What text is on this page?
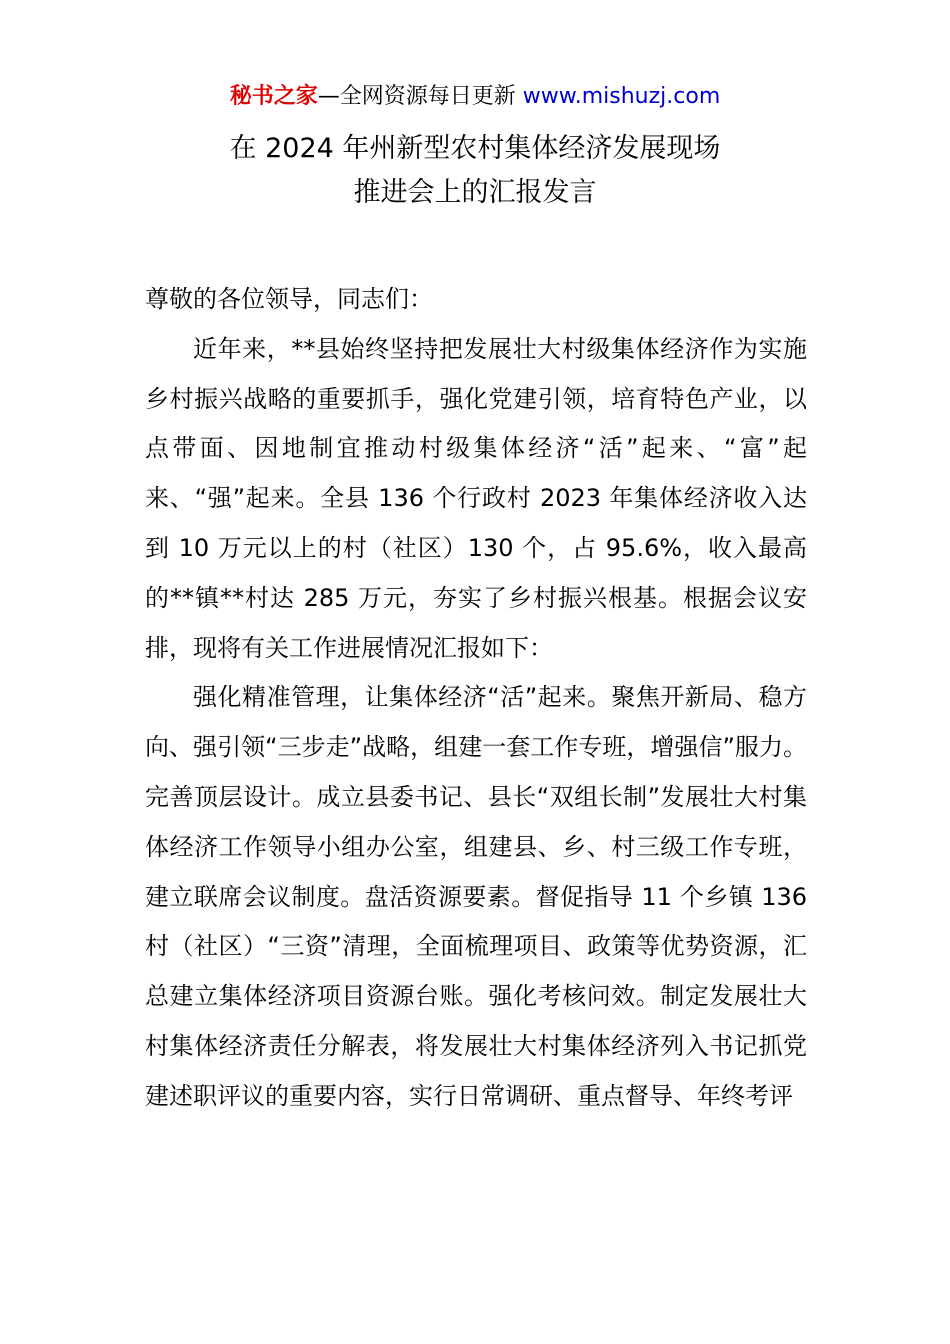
秘书之家—全网资源每日更新 www.mishuzj.com
在 2024 年州新型农村集体经济发展现场
推进会上的汇报发言

尊敬的各位领导，同志们：

近年来，**县始终坚持把发展壮大村级集体经济作为实施乡村振兴战略的重要抓手，强化党建引领，培育特色产业，以点带面、因地制宜推动村级集体经济“活”起来、“富”起来、“强”起来。全县 136 个行政村 2023 年集体经济收入达到 10 万元以上的村（社区）130 个，占 95.6%，收入最高的**镇**村达 285 万元，夯实了乡村振兴根基。根据会议安排，现将有关工作进展情况汇报如下：

强化精准管理，让集体经济“活”起来。聚焦开新局、稳方向、强引领“三步走”战略，组建一套工作专班，增强信”服力。完善顶层设计。成立县委书记、县长“双组长制”发展壮大村集体经济工作领导小组办公室，组建县、乡、村三级工作专班，建立联席会议制度。盘活资源要素。督促指导 11 个乡镇 136 村（社区）“三资”清理，全面梳理项目、政策等优势资源，汇总建立集体经济项目资源台账。强化考核问效。制定发展壮大村集体经济责任分解表，将发展壮大村集体经济列入书记抓党建述职评议的重要内容，实行日常调研、重点督导、年终考评
